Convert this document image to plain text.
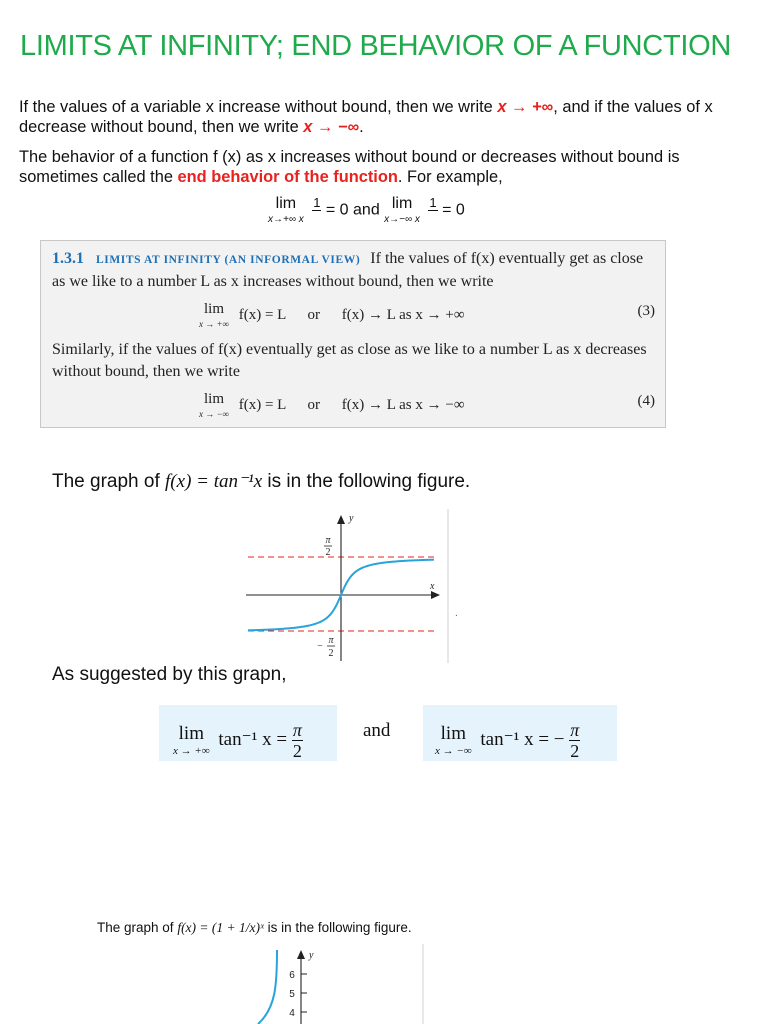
LIMITS AT INFINITY; END BEHAVIOR OF A FUNCTION
If the values of a variable x increase without bound, then we write x → +∞, and if the values of x decrease without bound, then we write x → −∞.
The behavior of a function f (x) as x increases without bound or decreases without bound is sometimes called the end behavior of the function. For example,
lim
x→+∞ x

1 = 0 and lim
x→−∞ x

1 = 0
1.3.1 LIMITS AT INFINITY (AN INFORMAL VIEW) If the values of f(x) eventually get as close as we like to a number L as x increases without bound, then we write
lim
x → +∞
f(x) = L or f(x) → L as x → +∞	(3)
Similarly, if the values of f(x) eventually get as close as we like to a number L as x decreases without bound, then we write
lim
x → −∞
f(x) = L or f(x) → L as x → −∞	(4)
The graph of f(x) = tan⁻¹x is in the following figure.
y
x
π
2
−
π
2
.
As suggested by this grapn,
lim
x → +∞
tan⁻¹ $x = \frac{\pi}{2}$	and	lim
x → −∞
tan⁻¹ x = − $\frac{\pi}{2}$
The graph of f(x) = (1 + 1/x)ˣ is in the following figure.
y
6
5
4
